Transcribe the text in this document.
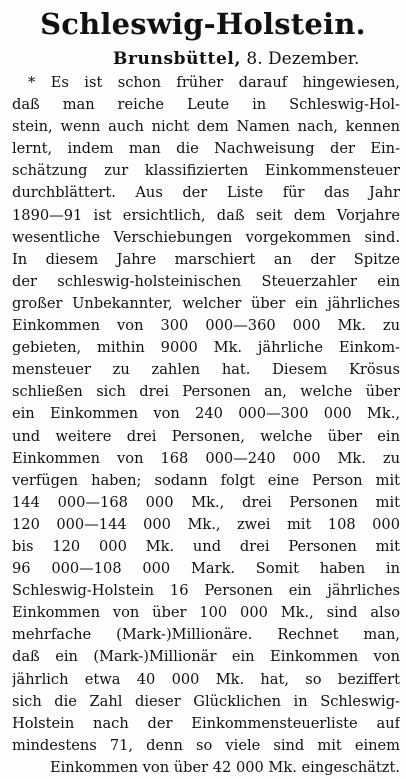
Schleswig-Holstein.
Brunsbüttel, 8. Dezember.
* Es ist schon früher darauf hingewiesen,
daß man reiche Leute in Schleswig-Hol-
stein, wenn auch nicht dem Namen nach, kennen
lernt, indem man die Nachweisung der Ein-
schätzung zur klassifizierten Einkommensteuer
durchblättert. Aus der Liste für das Jahr
1890—91 ist ersichtlich, daß seit dem Vorjahre
wesentliche Verschiebungen vorgekommen sind.
In diesem Jahre marschiert an der Spitze
der schleswig-holsteinischen Steuerzahler ein
großer Unbekannter, welcher über ein jährliches
Einkommen von 300 000—360 000 Mk. zu
gebieten, mithin 9000 Mk. jährliche Einkom-
mensteuer zu zahlen hat. Diesem Krösus
schließen sich drei Personen an, welche über
ein Einkommen von 240 000—300 000 Mk.,
und weitere drei Personen, welche über ein
Einkommen von 168 000—240 000 Mk. zu
verfügen haben; sodann folgt eine Person mit
144 000—168 000 Mk., drei Personen mit
120 000—144 000 Mk., zwei mit 108 000
bis 120 000 Mk. und drei Personen mit
96 000—108 000 Mark. Somit haben in
Schleswig-Holstein 16 Personen ein jährliches
Einkommen von über 100 000 Mk., sind also
mehrfache (Mark-)Millionäre. Rechnet man,
daß ein (Mark-)Millionär ein Einkommen von
jährlich etwa 40 000 Mk. hat, so beziffert
sich die Zahl dieser Glücklichen in Schleswig-
Holstein nach der Einkommensteuerliste auf
mindestens 71, denn so viele sind mit einem
Einkommen von über 42 000 Mk. eingeschätzt.
